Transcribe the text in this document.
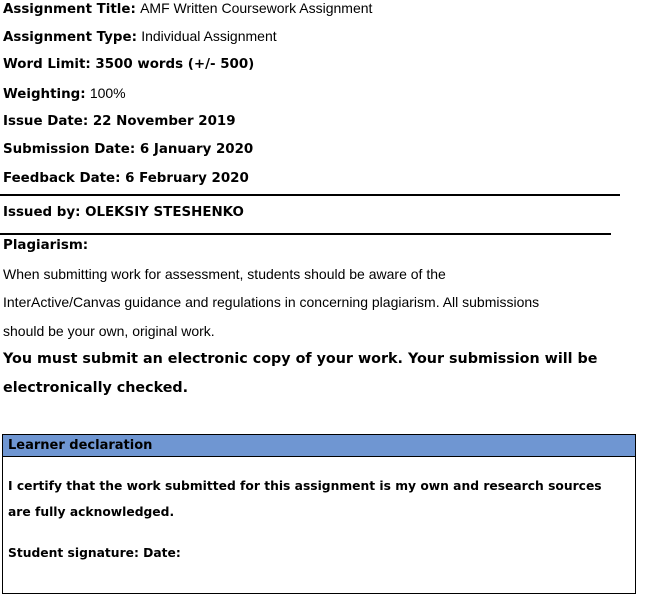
Assignment Title: AMF Written Coursework Assignment
Assignment Type: Individual Assignment
Word Limit: 3500 words (+/- 500)
Weighting: 100%
Issue Date: 22 November 2019
Submission Date: 6 January 2020
Feedback Date: 6 February 2020
Issued by: OLEKSIY STESHENKO
Plagiarism:
When submitting work for assessment, students should be aware of the
InterActive/Canvas guidance and regulations in concerning plagiarism. All submissions
should be your own, original work.
You must submit an electronic copy of your work. Your submission will be
electronically checked.
Learner declaration
I certify that the work submitted for this assignment is my own and research sources
are fully acknowledged.
Student signature: Date:
